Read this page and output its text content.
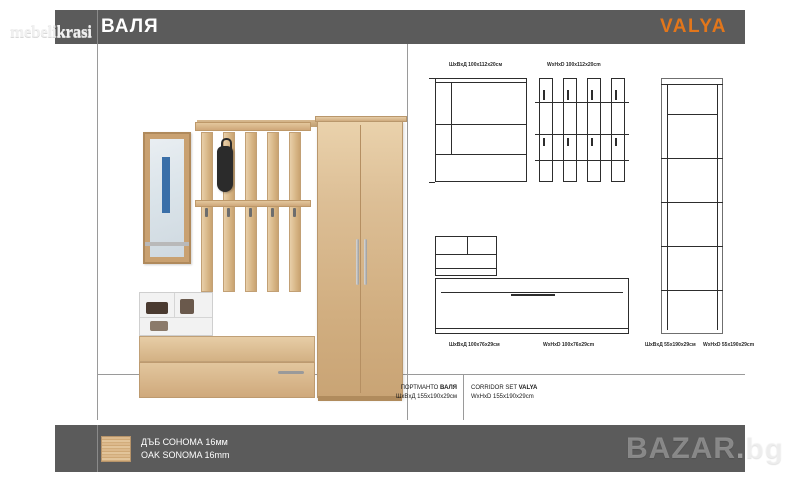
mebelikrasi ВАЛЯ	VALYA
ШxВxД 100x112x20см	WxHxD 100x112x20cm
ШxВxД 100x76x29см	WxHxD 100x76x29cm	ШxВxД 55x190x29см WxHxD 55x190x29cm
ПОРТМАНТО ВАЛЯ
ШxВxД 155x190x29см
CORRIDOR SET VALYA
WxHxD 155x190x29cm
ДЪБ СОНОМА 16мм
OAK SONOMA 16mm	BAZAR.bg
